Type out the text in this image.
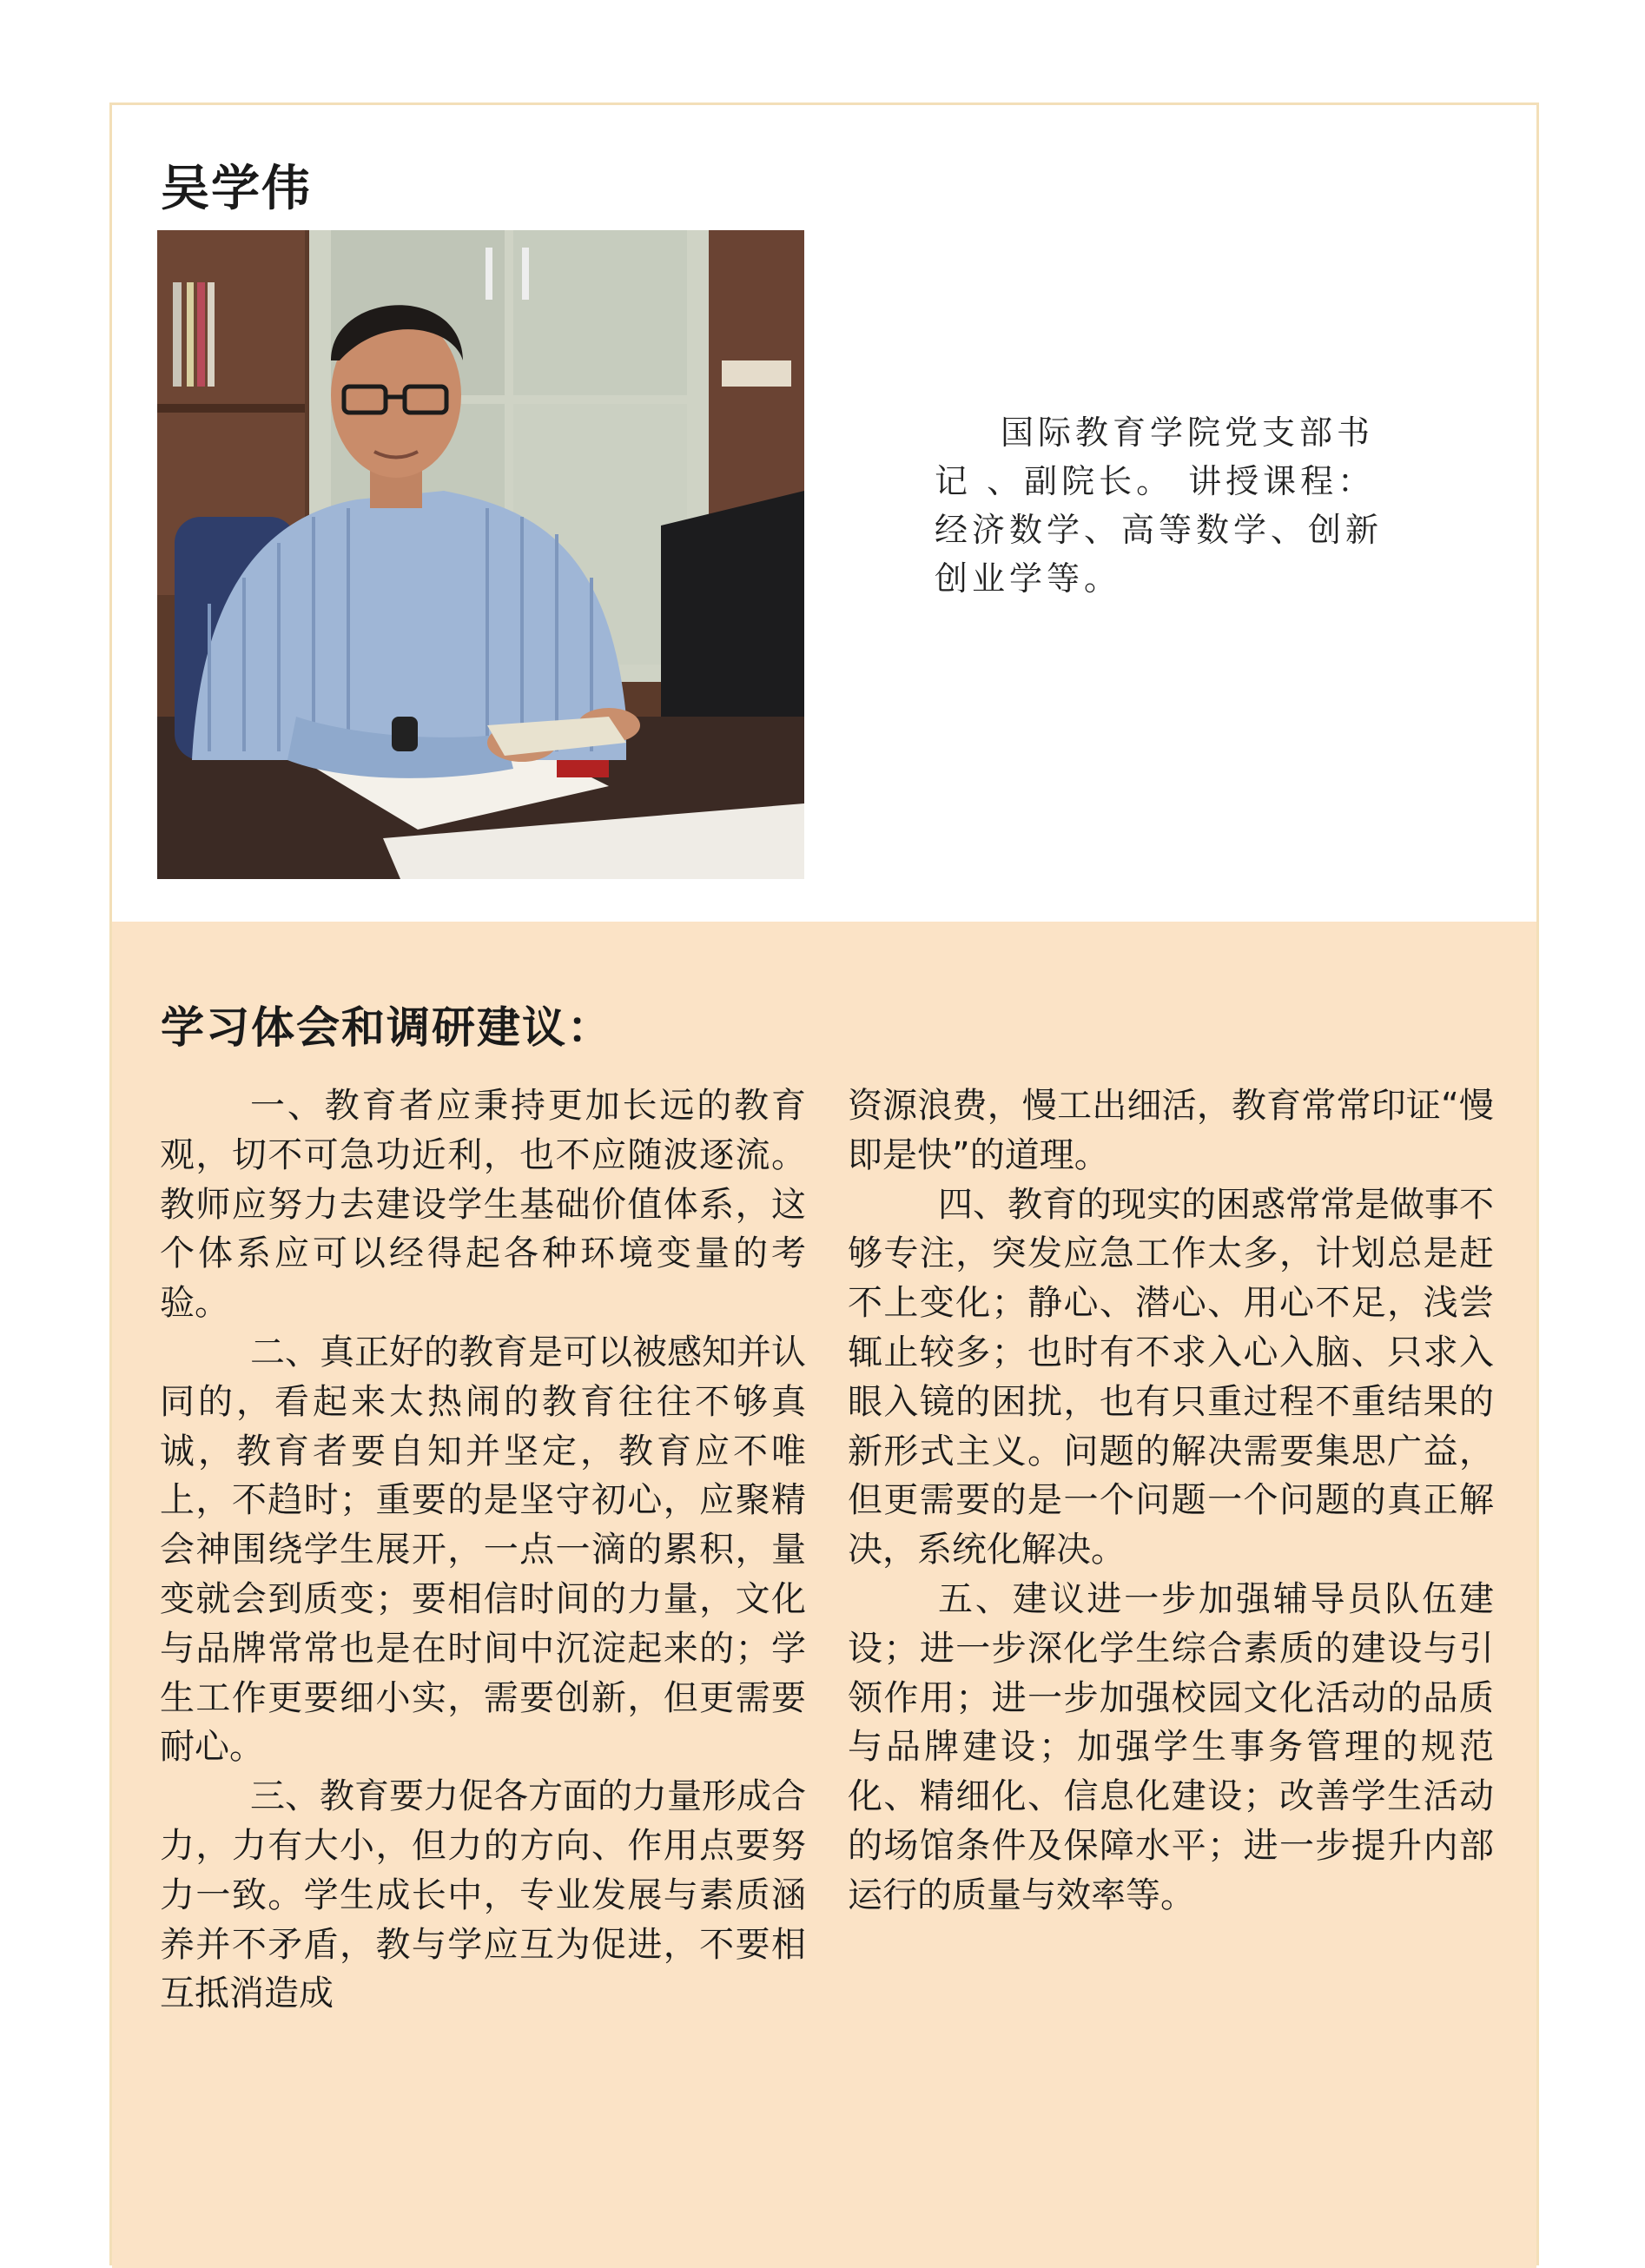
吴学伟

国际教育学院党支部书记 、副院长。 讲授课程：经济数学、高等数学、创新创业学等。

学习体会和调研建议：

一、教育者应秉持更加长远的教育观，切不可急功近利，也不应随波逐流。教师应努力去建设学生基础价值体系，这个体系应可以经得起各种环境变量的考验。

二、真正好的教育是可以被感知并认同的，看起来太热闹的教育往往不够真诚，教育者要自知并坚定，教育应不唯上，不趋时；重要的是坚守初心，应聚精会神围绕学生展开，一点一滴的累积，量变就会到质变；要相信时间的力量，文化与品牌常常也是在时间中沉淀起来的；学生工作更要细小实，需要创新，但更需要耐心。

三、教育要力促各方面的力量形成合力，力有大小，但力的方向、作用点要努力一致。学生成长中，专业发展与素质涵养并不矛盾，教与学应互为促进，不要相互抵消造成

资源浪费，慢工出细活，教育常常印证“慢即是快”的道理。

四、教育的现实的困惑常常是做事不够专注，突发应急工作太多，计划总是赶不上变化；静心、潜心、用心不足，浅尝辄止较多；也时有不求入心入脑、只求入眼入镜的困扰，也有只重过程不重结果的新形式主义。问题的解决需要集思广益，但更需要的是一个问题一个问题的真正解决，系统化解决。

五、建议进一步加强辅导员队伍建设；进一步深化学生综合素质的建设与引领作用；进一步加强校园文化活动的品质与品牌建设；加强学生事务管理的规范化、精细化、信息化建设；改善学生活动的场馆条件及保障水平；进一步提升内部运行的质量与效率等。
